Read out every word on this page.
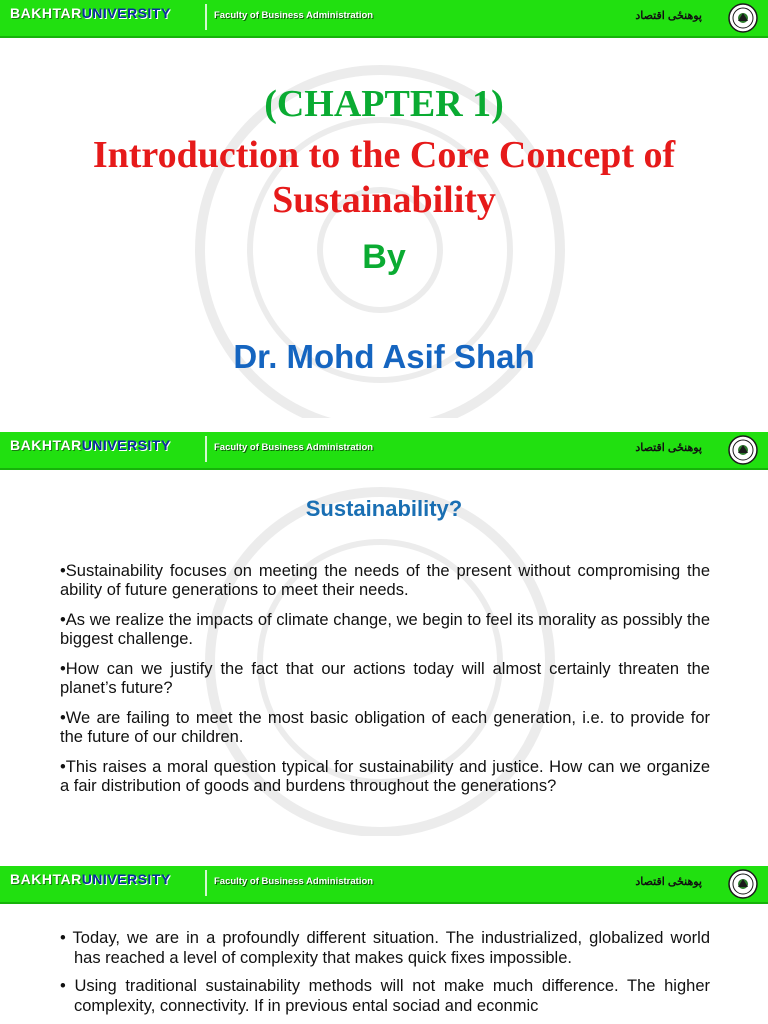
BAKHTARUNIVERSITY	Faculty of Business Administration	پوهنځی اقتصاد
(CHAPTER 1)
Introduction to the Core Concept of Sustainability
By
Dr. Mohd Asif Shah
BAKHTARUNIVERSITY	Faculty of Business Administration	پوهنځی اقتصاد
Sustainability?

•Sustainability focuses on meeting the needs of the present without compromising the ability of future generations to meet their needs.

•As we realize the impacts of climate change, we begin to feel its morality as possibly the biggest challenge.

•How can we justify the fact that our actions today will almost certainly threaten the planet’s future?

•We are failing to meet the most basic obligation of each generation, i.e. to provide for the future of our children.

•This raises a moral question typical for sustainability and justice. How can we organize a fair distribution of goods and burdens throughout the generations?

BAKHTARUNIVERSITY	Faculty of Business Administration	پوهنځی اقتصاد

• Today, we are in a profoundly different situation. The industrialized, globalized world has reached a level of complexity that makes quick fixes impossible.

• Using traditional sustainability methods will not make much difference. The higher complexity, connectivity. If in previous ental sociad and econmic
